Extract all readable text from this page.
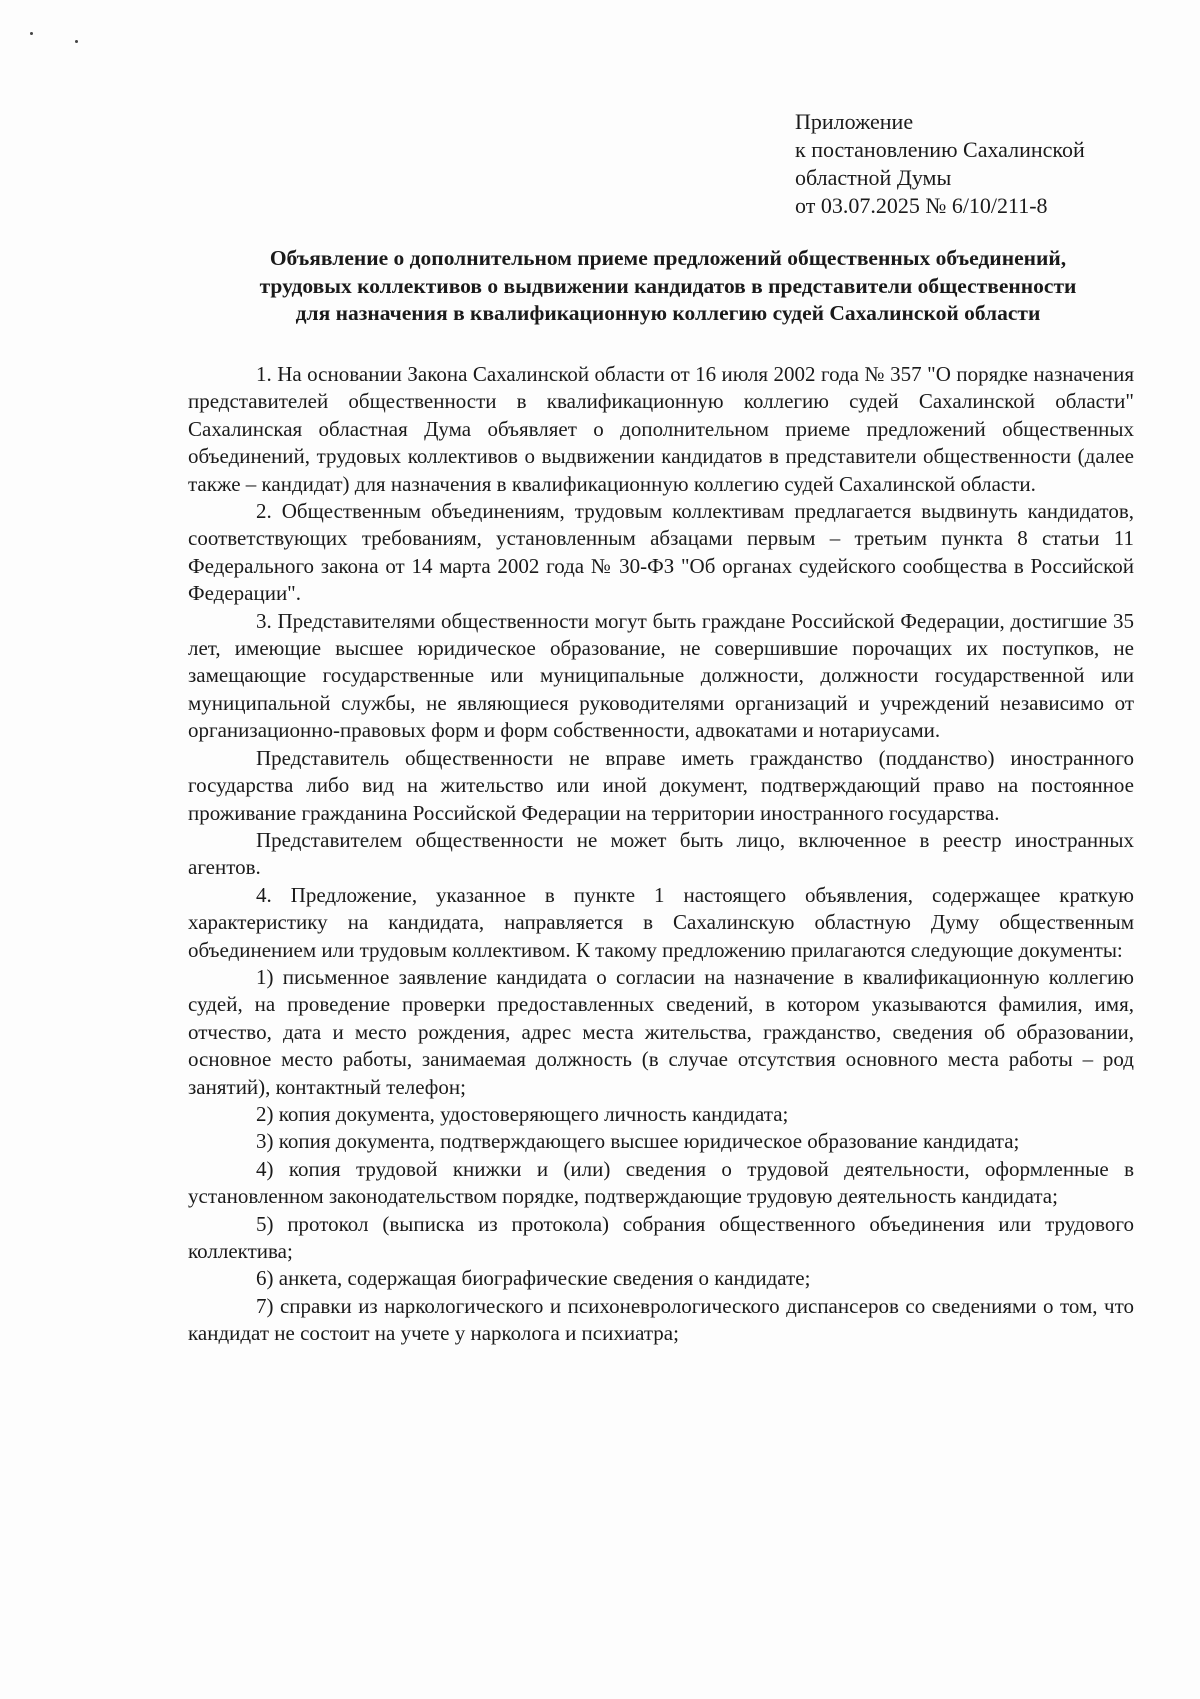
Приложение
к постановлению Сахалинской
областной Думы
от 03.07.2025 № 6/10/211-8
Объявление о дополнительном приеме предложений общественных объединений,
трудовых коллективов о выдвижении кандидатов в представители общественности
для назначения в квалификационную коллегию судей Сахалинской области

1. На основании Закона Сахалинской области от 16 июля 2002 года № 357 "О порядке назначения представителей общественности в квалификационную коллегию судей Сахалинской области" Сахалинская областная Дума объявляет о дополнительном приеме предложений общественных объединений, трудовых коллективов о выдвижении кандидатов в представители общественности (далее также – кандидат) для назначения в квалификационную коллегию судей Сахалинской области.

2. Общественным объединениям, трудовым коллективам предлагается выдвинуть кандидатов, соответствующих требованиям, установленным абзацами первым – третьим пункта 8 статьи 11 Федерального закона от 14 марта 2002 года № 30-ФЗ "Об органах судейского сообщества в Российской Федерации".

3. Представителями общественности могут быть граждане Российской Федерации, достигшие 35 лет, имеющие высшее юридическое образование, не совершившие порочащих их поступков, не замещающие государственные или муниципальные должности, должности государственной или муниципальной службы, не являющиеся руководителями организаций и учреждений независимо от организационно-правовых форм и форм собственности, адвокатами и нотариусами.

Представитель общественности не вправе иметь гражданство (подданство) иностранного государства либо вид на жительство или иной документ, подтверждающий право на постоянное проживание гражданина Российской Федерации на территории иностранного государства.

Представителем общественности не может быть лицо, включенное в реестр иностранных агентов.

4. Предложение, указанное в пункте 1 настоящего объявления, содержащее краткую характеристику на кандидата, направляется в Сахалинскую областную Думу общественным объединением или трудовым коллективом. К такому предложению прилагаются следующие документы:

1) письменное заявление кандидата о согласии на назначение в квалификационную коллегию судей, на проведение проверки предоставленных сведений, в котором указываются фамилия, имя, отчество, дата и место рождения, адрес места жительства, гражданство, сведения об образовании, основное место работы, занимаемая должность (в случае отсутствия основного места работы – род занятий), контактный телефон;

2) копия документа, удостоверяющего личность кандидата;

3) копия документа, подтверждающего высшее юридическое образование кандидата;

4) копия трудовой книжки и (или) сведения о трудовой деятельности, оформленные в установленном законодательством порядке, подтверждающие трудовую деятельность кандидата;

5) протокол (выписка из протокола) собрания общественного объединения или трудового коллектива;

6) анкета, содержащая биографические сведения о кандидате;

7) справки из наркологического и психоневрологического диспансеров со сведениями о том, что кандидат не состоит на учете у нарколога и психиатра;
